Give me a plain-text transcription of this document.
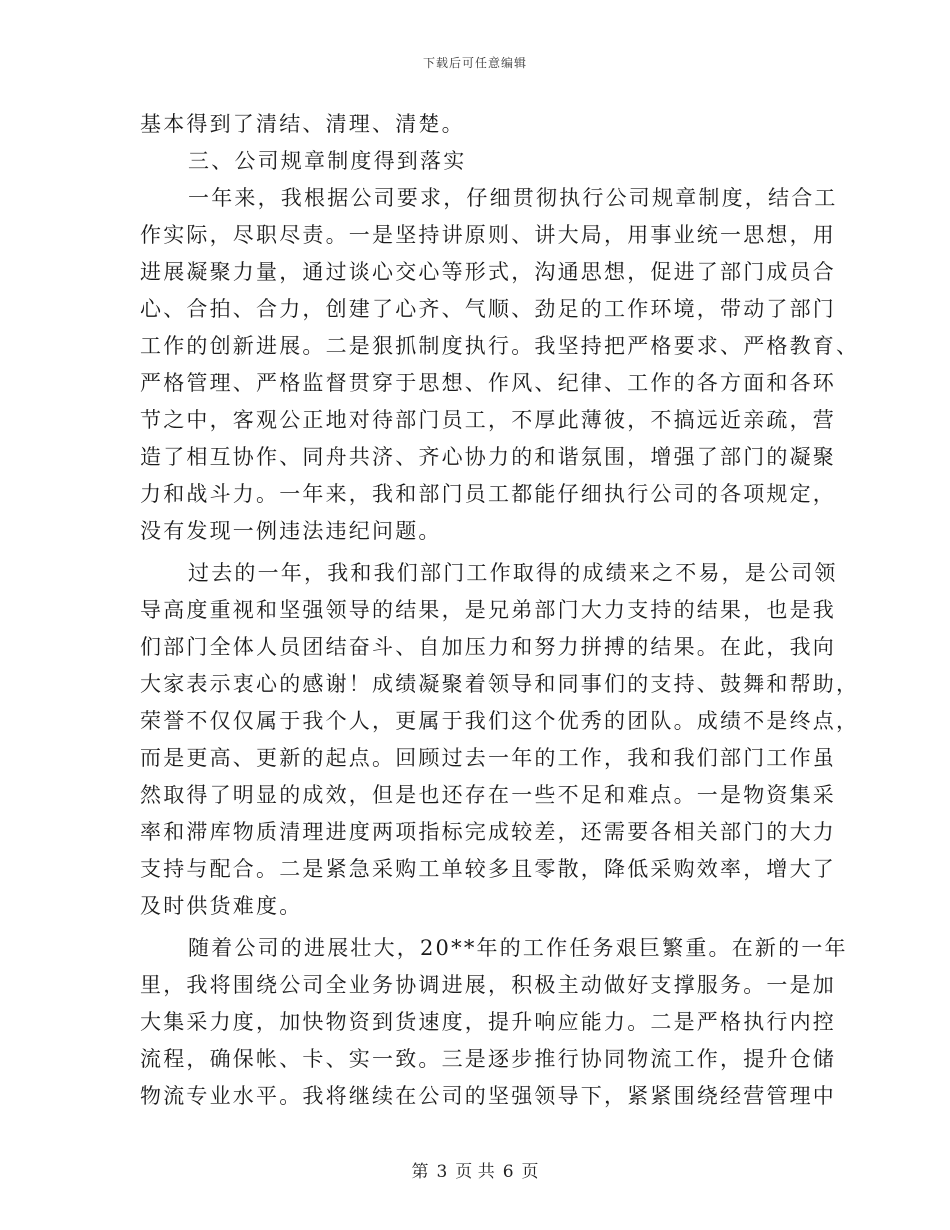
下载后可任意编辑
基本得到了清结、清理、清楚。
三、公司规章制度得到落实
一年来，我根据公司要求，仔细贯彻执行公司规章制度，结合工
作实际，尽职尽责。一是坚持讲原则、讲大局，用事业统一思想，用
进展凝聚力量，通过谈心交心等形式，沟通思想，促进了部门成员合
心、合拍、合力，创建了心齐、气顺、劲足的工作环境，带动了部门
工作的创新进展。二是狠抓制度执行。我坚持把严格要求、严格教育、
严格管理、严格监督贯穿于思想、作风、纪律、工作的各方面和各环
节之中，客观公正地对待部门员工，不厚此薄彼，不搞远近亲疏，营
造了相互协作、同舟共济、齐心协力的和谐氛围，增强了部门的凝聚
力和战斗力。一年来，我和部门员工都能仔细执行公司的各项规定，
没有发现一例违法违纪问题。
过去的一年，我和我们部门工作取得的成绩来之不易，是公司领
导高度重视和坚强领导的结果，是兄弟部门大力支持的结果，也是我
们部门全体人员团结奋斗、自加压力和努力拼搏的结果。在此，我向
大家表示衷心的感谢！成绩凝聚着领导和同事们的支持、鼓舞和帮助，
荣誉不仅仅属于我个人，更属于我们这个优秀的团队。成绩不是终点，
而是更高、更新的起点。回顾过去一年的工作，我和我们部门工作虽
然取得了明显的成效，但是也还存在一些不足和难点。一是物资集采
率和滞库物质清理进度两项指标完成较差，还需要各相关部门的大力
支持与配合。二是紧急采购工单较多且零散，降低采购效率，增大了
及时供货难度。
随着公司的进展壮大，20**年的工作任务艰巨繁重。在新的一年
里，我将围绕公司全业务协调进展，积极主动做好支撑服务。一是加
大集采力度，加快物资到货速度，提升响应能力。二是严格执行内控
流程，确保帐、卡、实一致。三是逐步推行协同物流工作，提升仓储
物流专业水平。我将继续在公司的坚强领导下，紧紧围绕经营管理中
第 3 页 共 6 页
